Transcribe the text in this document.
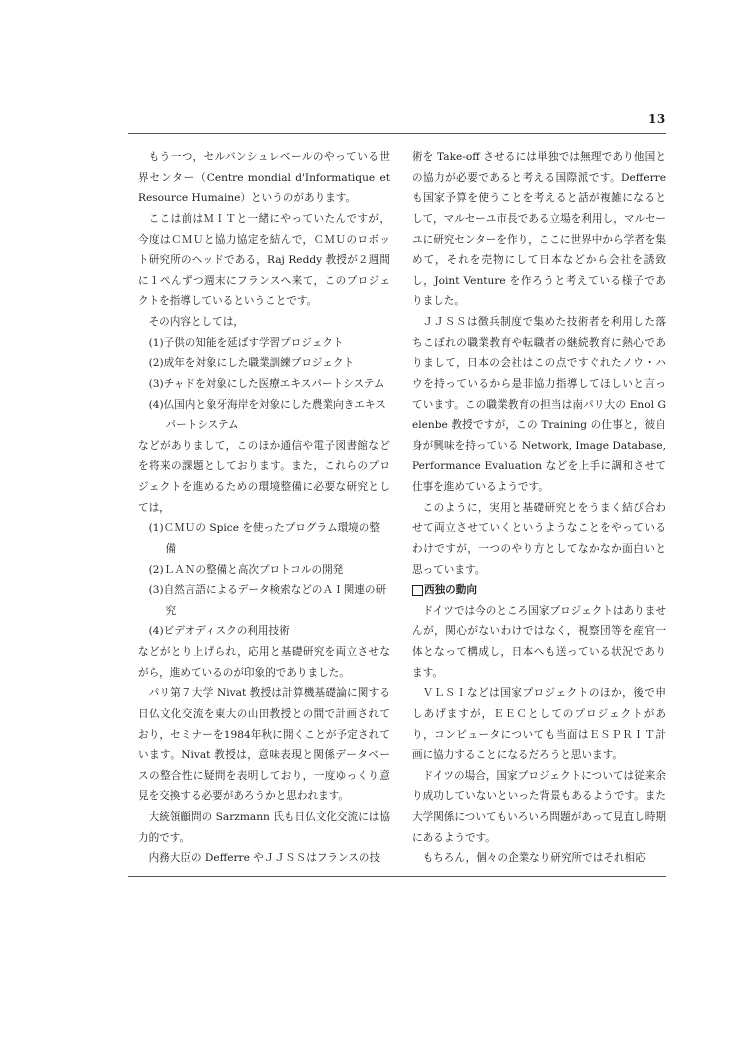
13

もう一つ，セルバンシュレベールのやっている世界センター（Centre mondial d'Informatique et Resource Humaine）というのがあります。

ここは前はＭＩＴと一緒にやっていたんですが，今度はＣＭＵと協力協定を結んで，ＣＭＵのロボット研究所のヘッドである，Raj Reddy 教授が２週間に１ぺんずつ週末にフランスへ来て，このプロジェクトを指導しているということです。

その内容としては，

(1)子供の知能を延ばす学習プロジェクト

(2)成年を対象にした職業訓練プロジェクト

(3)チャドを対象にした医療エキスパートシステム

(4)仏国内と象牙海岸を対象にした農業向きエキスパートシステム

などがありまして，このほか通信や電子図書館などを将来の課題としております。また，これらのプロジェクトを進めるための環境整備に必要な研究としては，

(1)ＣＭＵの Spice を使ったプログラム環境の整備

(2)ＬＡＮの整備と高次プロトコルの開発

(3)自然言語によるデータ検索などのＡＩ関連の研究

(4)ビデオディスクの利用技術

などがとり上げられ，応用と基礎研究を両立させながら，進めているのが印象的でありました。

パリ第７大学 Nivat 教授は計算機基礎論に関する日仏文化交流を東大の山田教授との間で計画されており，セミナーを1984年秋に開くことが予定されています。Nivat 教授は，意味表現と関係データベースの整合性に疑問を表明しており，一度ゆっくり意見を交換する必要があろうかと思われます。

大統領顧問の Sarzmann 氏も日仏文化交流には協力的です。

内務大臣の Defferre やＪＪＳＳはフランスの技

術を Take-off させるには単独では無理であり他国との協力が必要であると考える国際派です。Defferre も国家予算を使うことを考えると話が複雑になるとして，マルセーユ市長である立場を利用し，マルセーユに研究センターを作り，ここに世界中から学者を集めて，それを売物にして日本などから会社を誘致し，Joint Venture を作ろうと考えている様子でありました。

ＪＪＳＳは徴兵制度で集めた技術者を利用した落ちこぼれの職業教育や転職者の継続教育に熱心でありまして，日本の会社はこの点ですぐれたノウ・ハウを持っているから是非協力指導してほしいと言っています。この職業教育の担当は南パリ大の Enol Gelenbe 教授ですが，この Training の仕事と，彼自身が興味を持っている Network, Image Database, Performance Evaluation などを上手に調和させて仕事を進めているようです。

このように，実用と基礎研究とをうまく結び合わせて両立させていくというようなことをやっているわけですが，一つのやり方としてなかなか面白いと思っています。

西独の動向

ドイツでは今のところ国家プロジェクトはありませんが，関心がないわけではなく，視察団等を産官一体となって構成し，日本へも送っている状況であります。

ＶＬＳＩなどは国家プロジェクトのほか，後で申しあげますが，ＥＥＣとしてのプロジェクトがあり，コンピュータについても当面はＥＳＰＲＩＴ計画に協力することになるだろうと思います。

ドイツの場合，国家プロジェクトについては従来余り成功していないといった背景もあるようです。また大学関係についてもいろいろ問題があって見直し時期にあるようです。

もちろん，個々の企業なり研究所ではそれ相応
